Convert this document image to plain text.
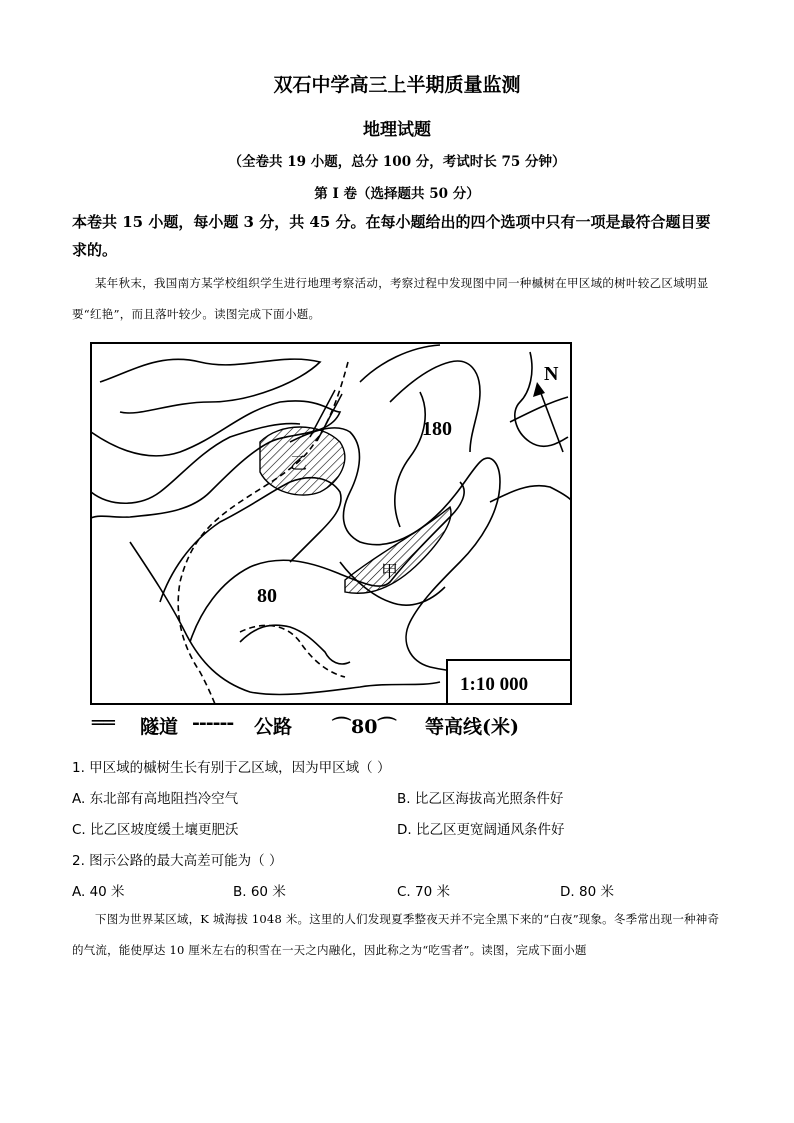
双石中学高三上半期质量监测
地理试题
（全卷共 19 小题，总分 100 分，考试时长 75 分钟）
第 I 卷（选择题共 50 分）
本卷共 15 小题，每小题 3 分，共 45 分。在每小题给出的四个选项中只有一项是最符合题目要求的。
某年秋末，我国南方某学校组织学生进行地理考察活动，考察过程中发现图中同一种槭树在甲区域的树叶较乙区域明显要“红艳”，而且落叶较少。读图完成下面小题。
N
180
80
乙
甲
1:10 000
══ 隧道 ------ 公路 ⌒80⌒ 等高线(米)
1. 甲区域的槭树生长有别于乙区域，因为甲区域（ ）
A. 东北部有高地阻挡冷空气	B. 比乙区海拔高光照条件好
C. 比乙区坡度缓土壤更肥沃	D. 比乙区更宽阔通风条件好
2. 图示公路的最大高差可能为（ ）
A. 40 米	B. 60 米	C. 70 米	D. 80 米
下图为世界某区域，K 城海拔 1048 米。这里的人们发现夏季整夜天并不完全黑下来的“白夜”现象。冬季常出现一种神奇的气流，能使厚达 10 厘米左右的积雪在一天之内融化，因此称之为“吃雪者”。读图，完成下面小题
